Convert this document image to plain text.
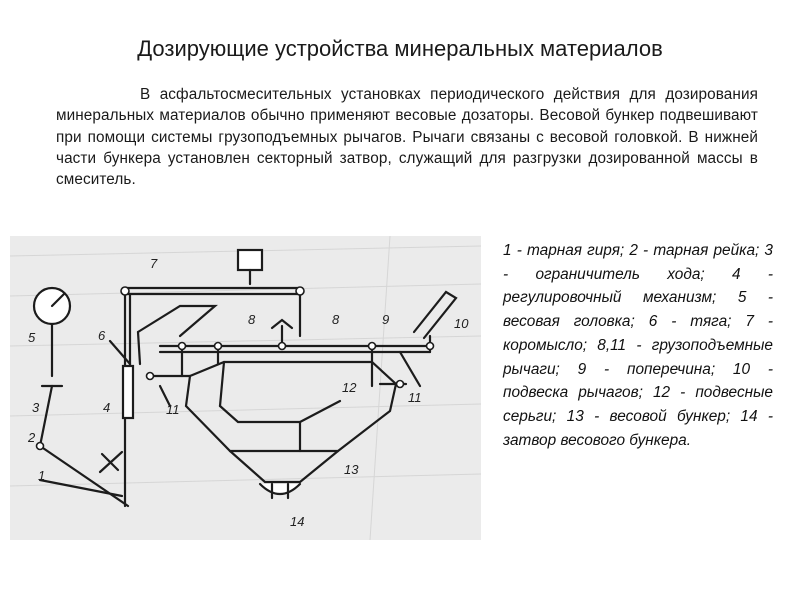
Дозирующие устройства минеральных материалов
В асфальтосмесительных установках периодического действия для дозирования минеральных материалов обычно применяют весовые дозаторы. Весовой бункер подвешивают при помощи системы грузоподъемных рычагов. Рычаги связаны с весовой головкой. В нижней части бункера установлен секторный затвор, служащий для разгрузки дозированной массы в смеситель.
1
2
3	4
5	6
7
8	8	9	10
11
11
12
13
14
1 - тарная гиря; 2 - тарная рейка; 3 - ограничитель хода; 4 - регулировочный механизм; 5 - весовая головка; 6 - тяга; 7 - коромысло; 8,11 - грузоподъемные рычаги; 9 - поперечина; 10 - подвеска рычагов; 12 - подвесные серьги; 13 - весовой бункер; 14 - затвор весового бункера.
